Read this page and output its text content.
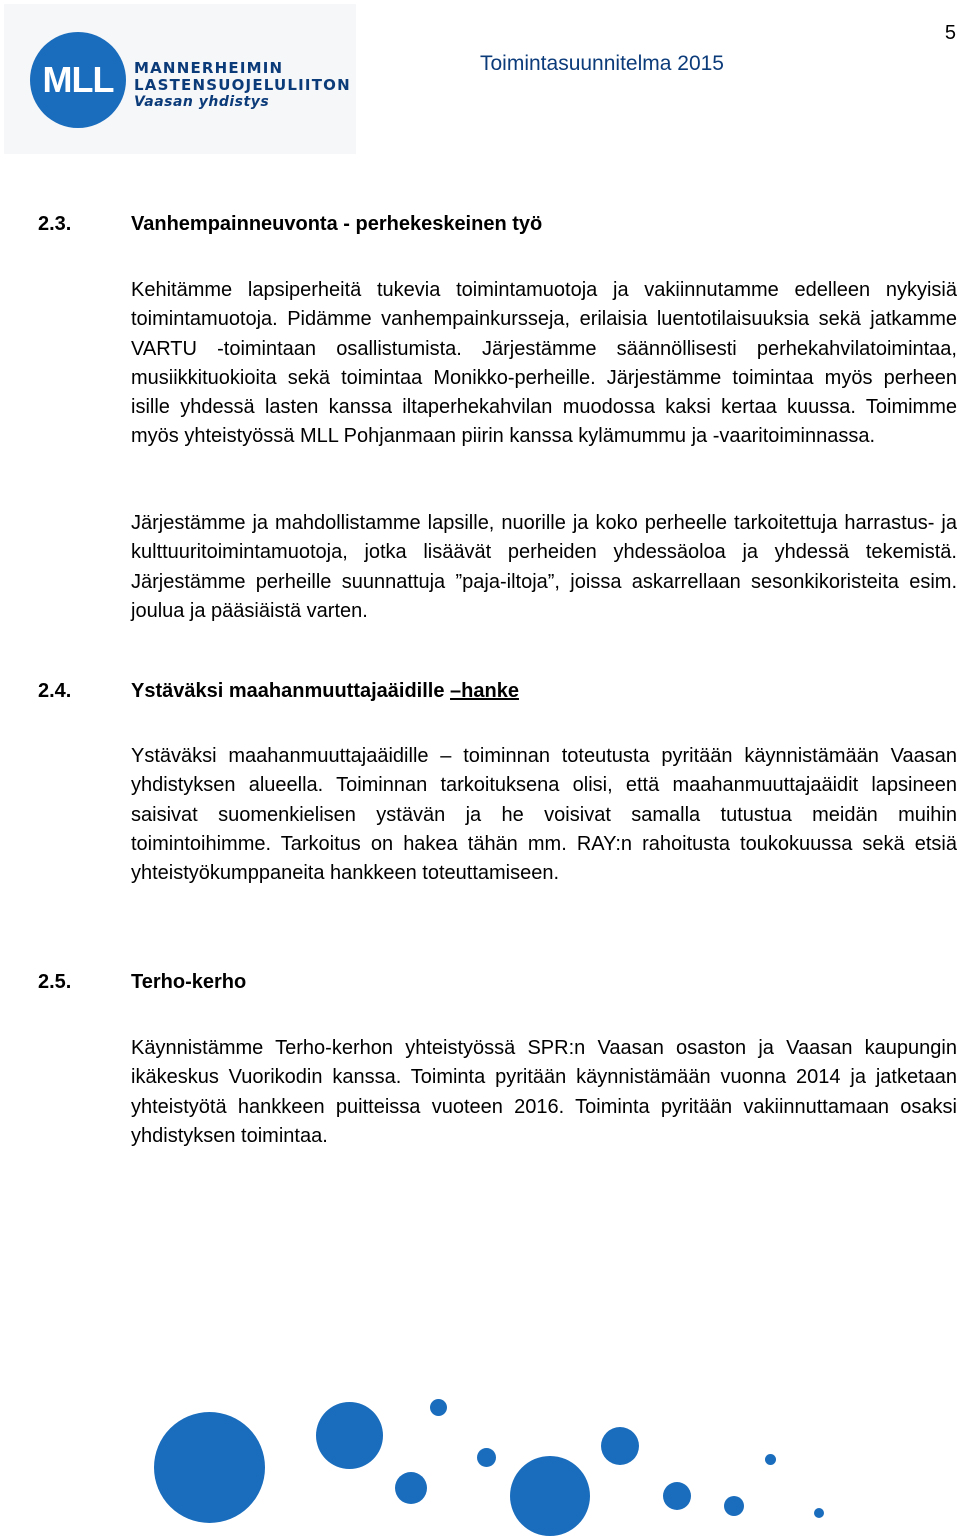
MLL MANNERHEIMIN
LASTENSUOJELULIITON
Vaasan yhdistys
5
Toimintasuunnitelma 2015
2.3.	Vanhempainneuvonta - perhekeskeinen työ
Kehitämme lapsiperheitä tukevia toimintamuotoja ja vakiinnutamme edelleen nykyisiä toimintamuotoja. Pidämme vanhempainkursseja, erilaisia luentotilaisuuksia sekä jatkamme VARTU -toimintaan osallistumista. Järjestämme säännöllisesti perhekahvilatoimintaa, musiikkituokioita sekä toimintaa Monikko-perheille. Järjestämme toimintaa myös perheen isille yhdessä lasten kanssa iltaperhekahvilan muodossa kaksi kertaa kuussa. Toimimme myös yhteistyössä MLL Pohjanmaan piirin kanssa kylämummu ja -vaaritoiminnassa.
Järjestämme ja mahdollistamme lapsille, nuorille ja koko perheelle tarkoitettuja harrastus- ja kulttuuritoimintamuotoja, jotka lisäävät perheiden yhdessäoloa ja yhdessä tekemistä. Järjestämme perheille suunnattuja ”paja-iltoja”, joissa askarrellaan sesonkikoristeita esim. joulua ja pääsiäistä varten.
2.4.	Ystäväksi maahanmuuttajaäidille –hanke
Ystäväksi maahanmuuttajaäidille – toiminnan toteutusta pyritään käynnistämään Vaasan yhdistyksen alueella. Toiminnan tarkoituksena olisi, että maahanmuuttajaäidit lapsineen saisivat suomenkielisen ystävän ja he voisivat samalla tutustua meidän muihin toimintoihimme. Tarkoitus on hakea tähän mm. RAY:n rahoitusta toukokuussa sekä etsiä yhteistyökumppaneita hankkeen toteuttamiseen.
2.5.	Terho-kerho
Käynnistämme Terho-kerhon yhteistyössä SPR:n Vaasan osaston ja Vaasan kaupungin ikäkeskus Vuorikodin kanssa. Toiminta pyritään käynnistämään vuonna 2014 ja jatketaan yhteistyötä hankkeen puitteissa vuoteen 2016. Toiminta pyritään vakiinnuttamaan osaksi yhdistyksen toimintaa.
